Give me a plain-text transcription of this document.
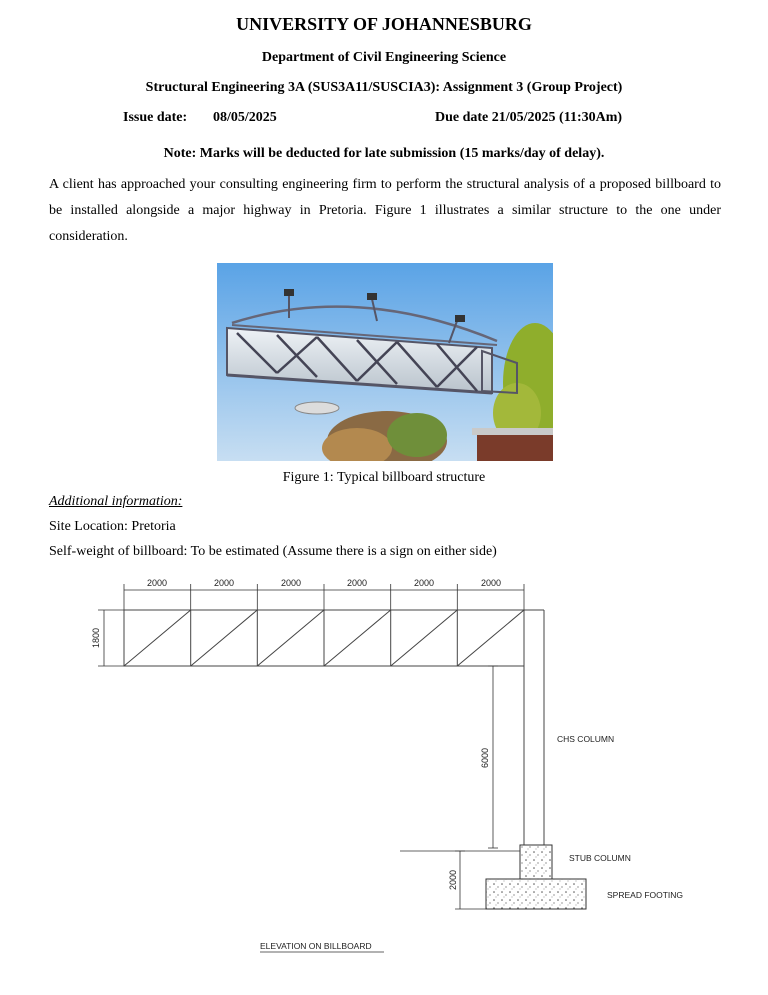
UNIVERSITY OF JOHANNESBURG
Department of Civil Engineering Science
Structural Engineering 3A (SUS3A11/SUSCIA3): Assignment 3 (Group Project)
Issue date: 08/05/2025	Due date 21/05/2025 (11:30Am)
Note: Marks will be deducted for late submission (15 marks/day of delay).
A client has approached your consulting engineering firm to perform the structural analysis of a proposed billboard to be installed alongside a major highway in Pretoria. Figure 1 illustrates a similar structure to the one under consideration.
Figure 1: Typical billboard structure
Additional information:
Site Location: Pretoria
Self-weight of billboard: To be estimated (Assume there is a sign on either side)
2000	2000	2000	2000	2000	2000
1800
6000
2000
CHS COLUMN
STUB COLUMN
SPREAD FOOTING
ELEVATION ON BILLBOARD
